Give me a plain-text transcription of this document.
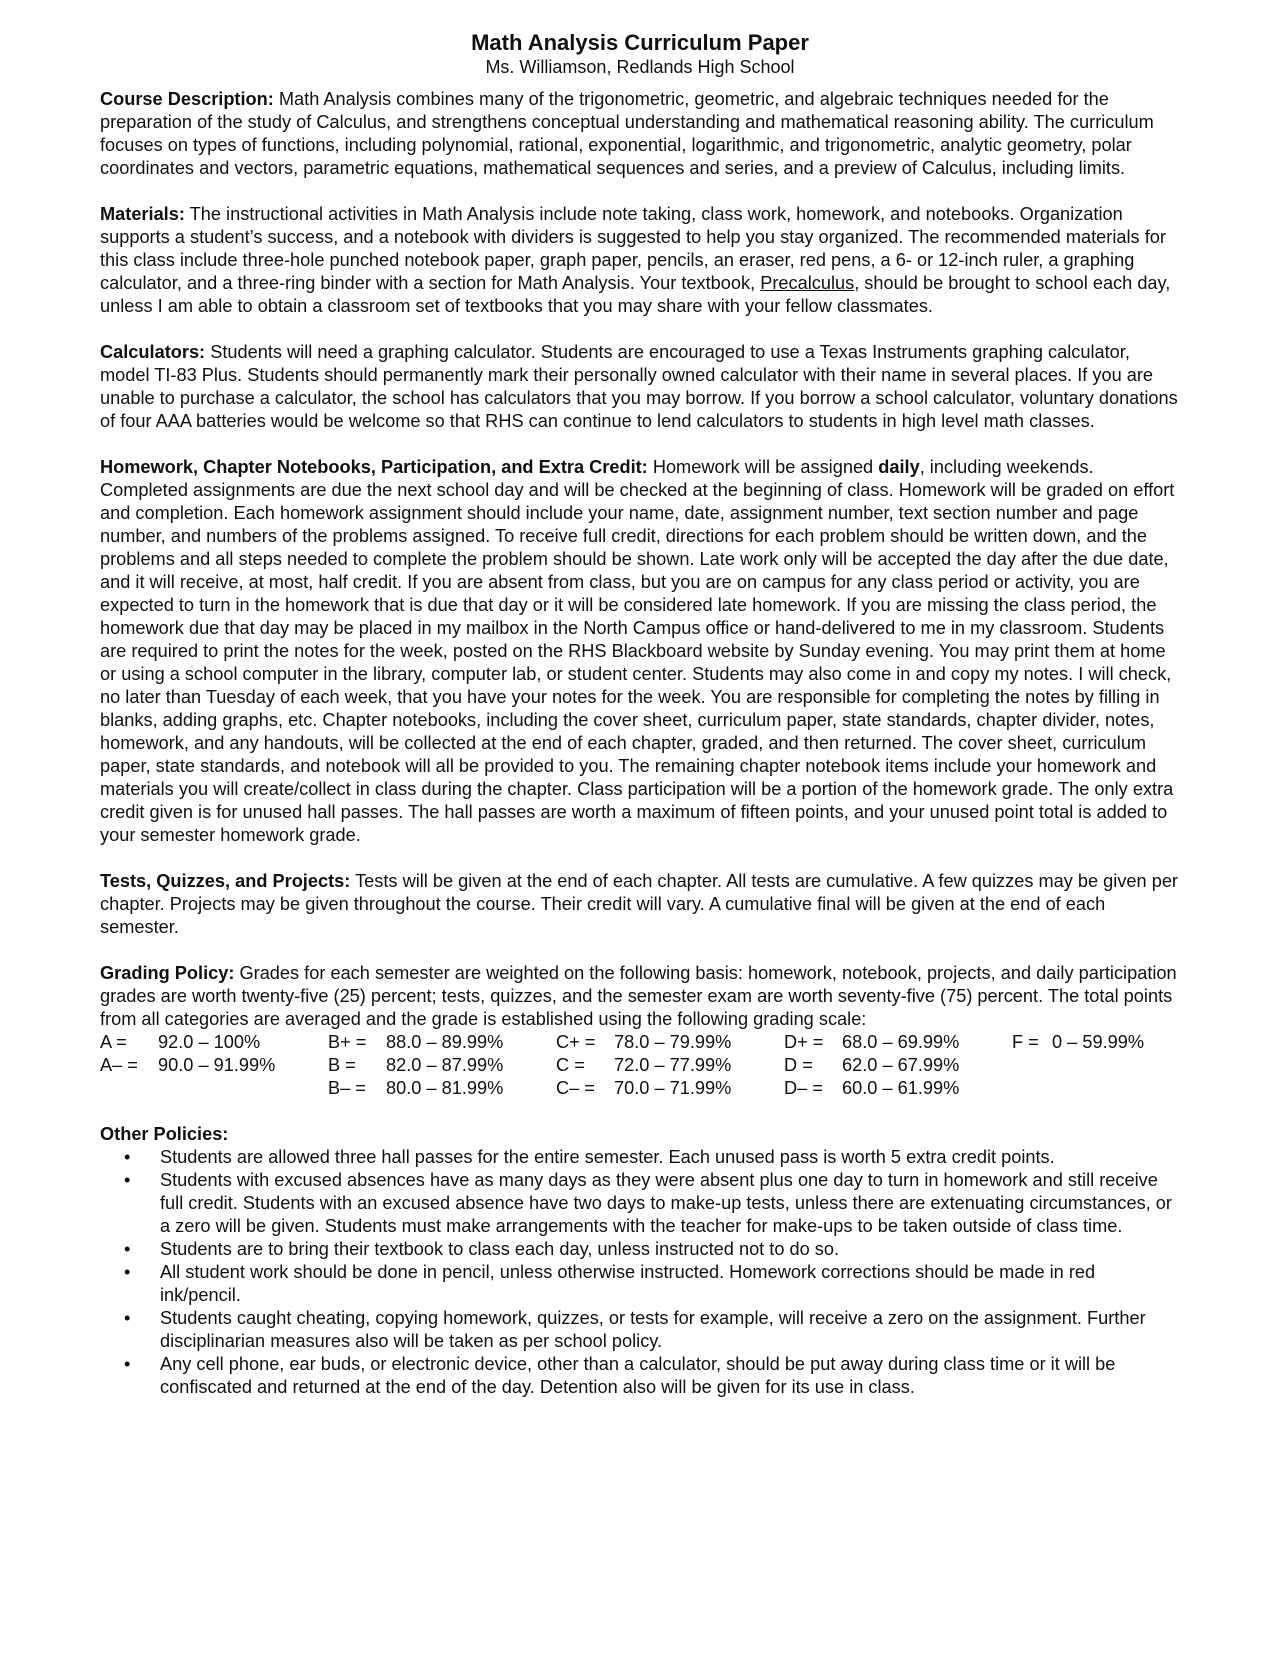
Math Analysis Curriculum Paper
Ms. Williamson, Redlands High School

Course Description: Math Analysis combines many of the trigonometric, geometric, and algebraic techniques needed for the preparation of the study of Calculus, and strengthens conceptual understanding and mathematical reasoning ability. The curriculum focuses on types of functions, including polynomial, rational, exponential, logarithmic, and trigonometric, analytic geometry, polar coordinates and vectors, parametric equations, mathematical sequences and series, and a preview of Calculus, including limits.

Materials: The instructional activities in Math Analysis include note taking, class work, homework, and notebooks. Organization supports a student’s success, and a notebook with dividers is suggested to help you stay organized. The recommended materials for this class include three-hole punched notebook paper, graph paper, pencils, an eraser, red pens, a 6- or 12-inch ruler, a graphing calculator, and a three-ring binder with a section for Math Analysis. Your textbook, Precalculus, should be brought to school each day, unless I am able to obtain a classroom set of textbooks that you may share with your fellow classmates.

Calculators: Students will need a graphing calculator. Students are encouraged to use a Texas Instruments graphing calculator, model TI-83 Plus. Students should permanently mark their personally owned calculator with their name in several places. If you are unable to purchase a calculator, the school has calculators that you may borrow. If you borrow a school calculator, voluntary donations of four AAA batteries would be welcome so that RHS can continue to lend calculators to students in high level math classes.

Homework, Chapter Notebooks, Participation, and Extra Credit: Homework will be assigned daily, including weekends. Completed assignments are due the next school day and will be checked at the beginning of class. Homework will be graded on effort and completion. Each homework assignment should include your name, date, assignment number, text section number and page number, and numbers of the problems assigned. To receive full credit, directions for each problem should be written down, and the problems and all steps needed to complete the problem should be shown. Late work only will be accepted the day after the due date, and it will receive, at most, half credit. If you are absent from class, but you are on campus for any class period or activity, you are expected to turn in the homework that is due that day or it will be considered late homework. If you are missing the class period, the homework due that day may be placed in my mailbox in the North Campus office or hand-delivered to me in my classroom. Students are required to print the notes for the week, posted on the RHS Blackboard website by Sunday evening. You may print them at home or using a school computer in the library, computer lab, or student center. Students may also come in and copy my notes. I will check, no later than Tuesday of each week, that you have your notes for the week. You are responsible for completing the notes by filling in blanks, adding graphs, etc. Chapter notebooks, including the cover sheet, curriculum paper, state standards, chapter divider, notes, homework, and any handouts, will be collected at the end of each chapter, graded, and then returned. The cover sheet, curriculum paper, state standards, and notebook will all be provided to you. The remaining chapter notebook items include your homework and materials you will create/collect in class during the chapter. Class participation will be a portion of the homework grade. The only extra credit given is for unused hall passes. The hall passes are worth a maximum of fifteen points, and your unused point total is added to your semester homework grade.

Tests, Quizzes, and Projects: Tests will be given at the end of each chapter. All tests are cumulative. A few quizzes may be given per chapter. Projects may be given throughout the course. Their credit will vary. A cumulative final will be given at the end of each semester.

Grading Policy: Grades for each semester are weighted on the following basis: homework, notebook, projects, and daily participation grades are worth twenty-five (25) percent; tests, quizzes, and the semester exam are worth seventy-five (75) percent. The total points from all categories are averaged and the grade is established using the following grading scale:
A =	92.0 – 100%	B+ =	88.0 – 89.99%	C+ =	78.0 – 79.99%	D+ =	68.0 – 69.99%	F =	0 – 59.99%
A– =	90.0 – 91.99%	B =	82.0 – 87.99%	C =	72.0 – 77.99%	D =	62.0 – 67.99%		
		B– =	80.0 – 81.99%	C– =	70.0 – 71.99%	D– =	60.0 – 61.99%		
Other Policies:
• Students are allowed three hall passes for the entire semester. Each unused pass is worth 5 extra credit points.
• Students with excused absences have as many days as they were absent plus one day to turn in homework and still receive full credit. Students with an excused absence have two days to make-up tests, unless there are extenuating circumstances, or a zero will be given. Students must make arrangements with the teacher for make-ups to be taken outside of class time.
• Students are to bring their textbook to class each day, unless instructed not to do so.
• All student work should be done in pencil, unless otherwise instructed. Homework corrections should be made in red ink/pencil.
• Students caught cheating, copying homework, quizzes, or tests for example, will receive a zero on the assignment. Further disciplinarian measures also will be taken as per school policy.
• Any cell phone, ear buds, or electronic device, other than a calculator, should be put away during class time or it will be confiscated and returned at the end of the day. Detention also will be given for its use in class.
